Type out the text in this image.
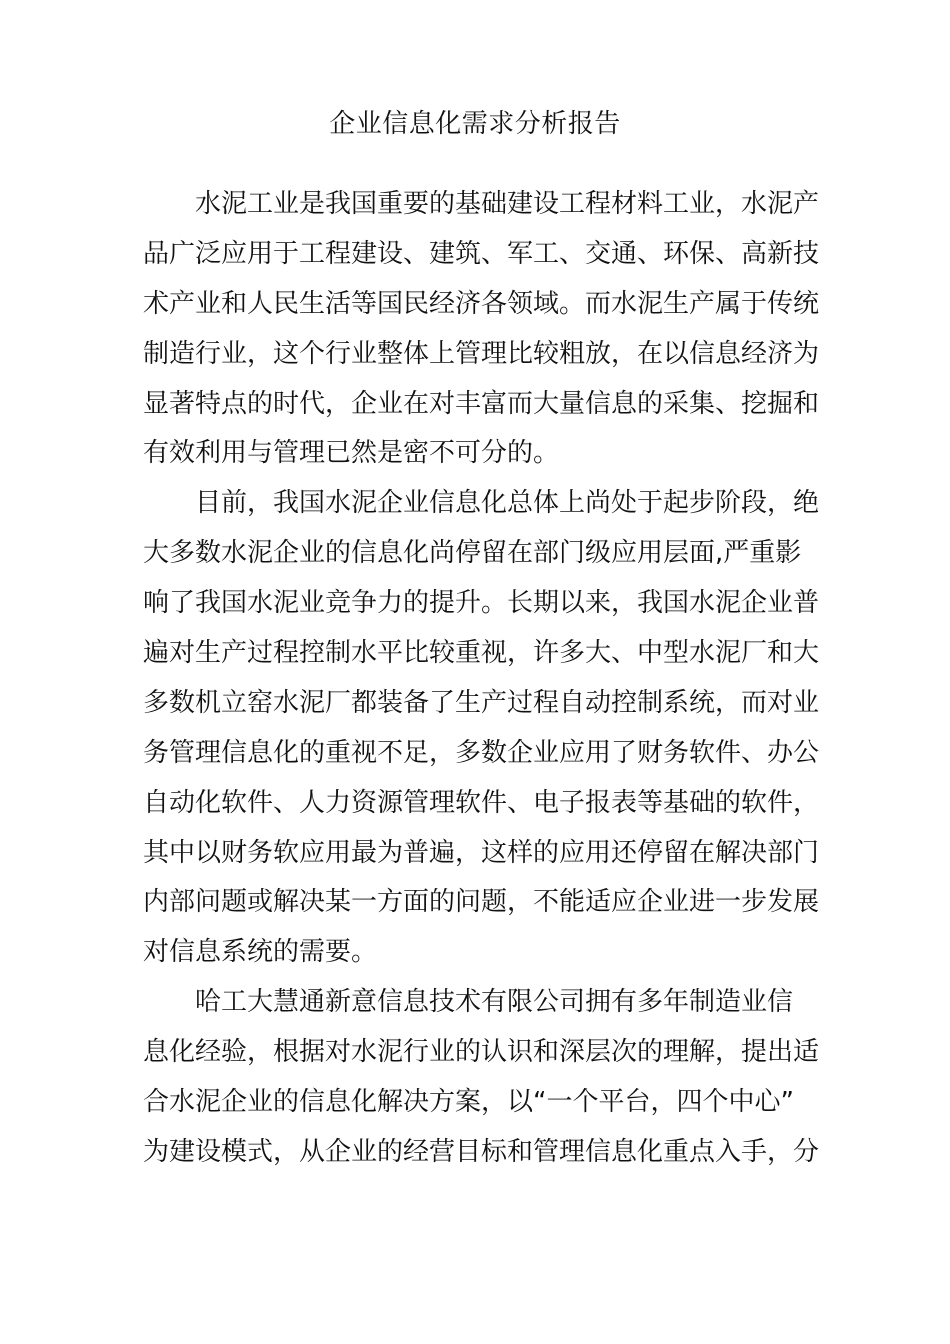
企业信息化需求分析报告
水泥工业是我国重要的基础建设工程材料工业，水泥产
品广泛应用于工程建设、建筑、军工、交通、环保、高新技
术产业和人民生活等国民经济各领域。而水泥生产属于传统
制造行业，这个行业整体上管理比较粗放，在以信息经济为
显著特点的时代，企业在对丰富而大量信息的采集、挖掘和
有效利用与管理已然是密不可分的。
目前，我国水泥企业信息化总体上尚处于起步阶段，绝
大多数水泥企业的信息化尚停留在部门级应用层面,严重影
响了我国水泥业竞争力的提升。长期以来，我国水泥企业普
遍对生产过程控制水平比较重视，许多大、中型水泥厂和大
多数机立窑水泥厂都装备了生产过程自动控制系统，而对业
务管理信息化的重视不足，多数企业应用了财务软件、办公
自动化软件、人力资源管理软件、电子报表等基础的软件，
其中以财务软应用最为普遍，这样的应用还停留在解决部门
内部问题或解决某一方面的问题，不能适应企业进一步发展
对信息系统的需要。
哈工大慧通新意信息技术有限公司拥有多年制造业信
息化经验，根据对水泥行业的认识和深层次的理解，提出适
合水泥企业的信息化解决方案，以“一个平台，四个中心”
为建设模式，从企业的经营目标和管理信息化重点入手，分
